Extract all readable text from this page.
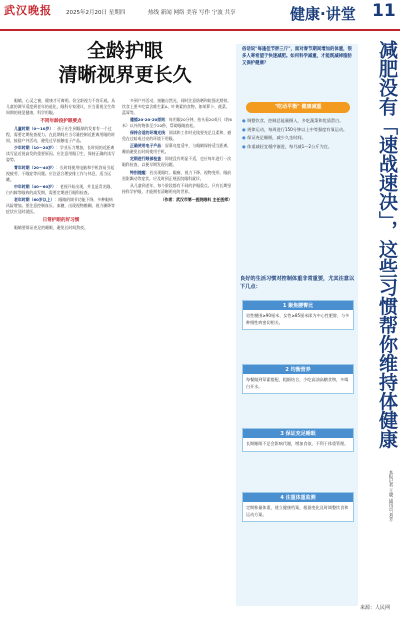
武汉晚报	2025年2月20日 星期四	热线 新闻 网络 美容 写作 宁波 共享	健康·讲堂 11
全龄护眼
清晰视界更长久

眼睛，心灵之窗，健康才可离明。但全龄视力不容乐观。从儿童的调节适度到老年的退化，眼科专家建议，应当重视全生命周期的视觉健康，科学用眼。

不同年龄段护眼要点

儿童时期（0～10岁）：孩子出生到眼球的发育有一个过程，需要定期检查视力。在此期间应当尽量控制近距离用眼的时间，鼓励户外活动，避免过早接触电子产品。

少年时期（10～20岁）：学业压力增加，长时间的近距离读写是近视高发的重要原因。应注意用眼卫生，保持正确的读写姿势。

青年时期（20～40岁）：长时间使用电脑和手机容易引起视疲劳、干眼症等问题。应注意合理安排工作与休息，适当远眺。

中年时期（40～60岁）：老视开始出现，并且是青光眼、白内障等眼病的高发期，需要定期进行眼科检查。

老年时期（60岁以上）：眼睛的调节功能下降，多种眼病风险增加。要注意控制血压、血糖，出现视物模糊、视力骤降等症状应及时就医。

日常护眼的好习惯

眼睛要保证充足的睡眠，避免长时间熬夜。

多到户外活动，接触自然光，同时注意防晒和防强光照射。饮食上要多吃富含维生素A、叶黄素的食物，如胡萝卜、菠菜、蓝莓等。

遵循20-20-20原则：每用眼20分钟，抬头看20英尺（约6米）以外的物体至少20秒，帮助眼睛放松。

保持合适的环境光线：阅读和工作时光线要充足且柔和，避免在过暗或过亮的环境下用眼。

正确使用电子产品：屏幕亮度适中，与眼睛保持适当距离，睡前避免长时间使用手机。

定期进行眼部检查：即使没有明显不适，也应每年进行一次眼科检查，以便早期发现问题。

特别提醒：若出现眼红、眼痛、视力下降、视物变形、眼前黑影飘动等症状，应及时到正规医院眼科就诊。

从儿童到老年，每个阶段都有不同的护眼重点。只有长期坚持科学护眼，才能拥有清晰明亮的世界。

（作者：武汉市第一医院眼科 主任医师）

俗话说"每逢佳节胖三斤"，面对春节期间增加的体重，很多人寄希望于快速减肥。如何科学减重，才能既减掉脂肪又保护健康？
"吃动平衡" 健康减重
● 调整饮食，控制总能量摄入，多吃蔬菜和优质蛋白。
● 规律运动，每周进行150分钟以上中等强度有氧运动。
● 保证充足睡眠，减少久坐时间。
● 体重减轻宜循序渐进，每月减1～2公斤为宜。
良好的生活习惯对控制体重非常重要，尤其注意以下几点：
1 聚焦腰臀比
男性腰围≥90厘米、女性≥85厘米即为中心性肥胖，与多种慢性病密切相关。
2 均衡营养
每餐做到荤素搭配、粗细结合，少吃高油高糖食物，多喝白开水。
3 保证充足睡眠
长期睡眠不足会影响代谢，增加食欲，不利于体重管理。
4 注重体重监测
定期称量体重，建立健康档案，根据变化及时调整饮食和运动方案。
减肥没有「速战速决」，这些习惯帮你维持体健康
本报记者 王晓 通讯员 刘芳
来源：人民网
